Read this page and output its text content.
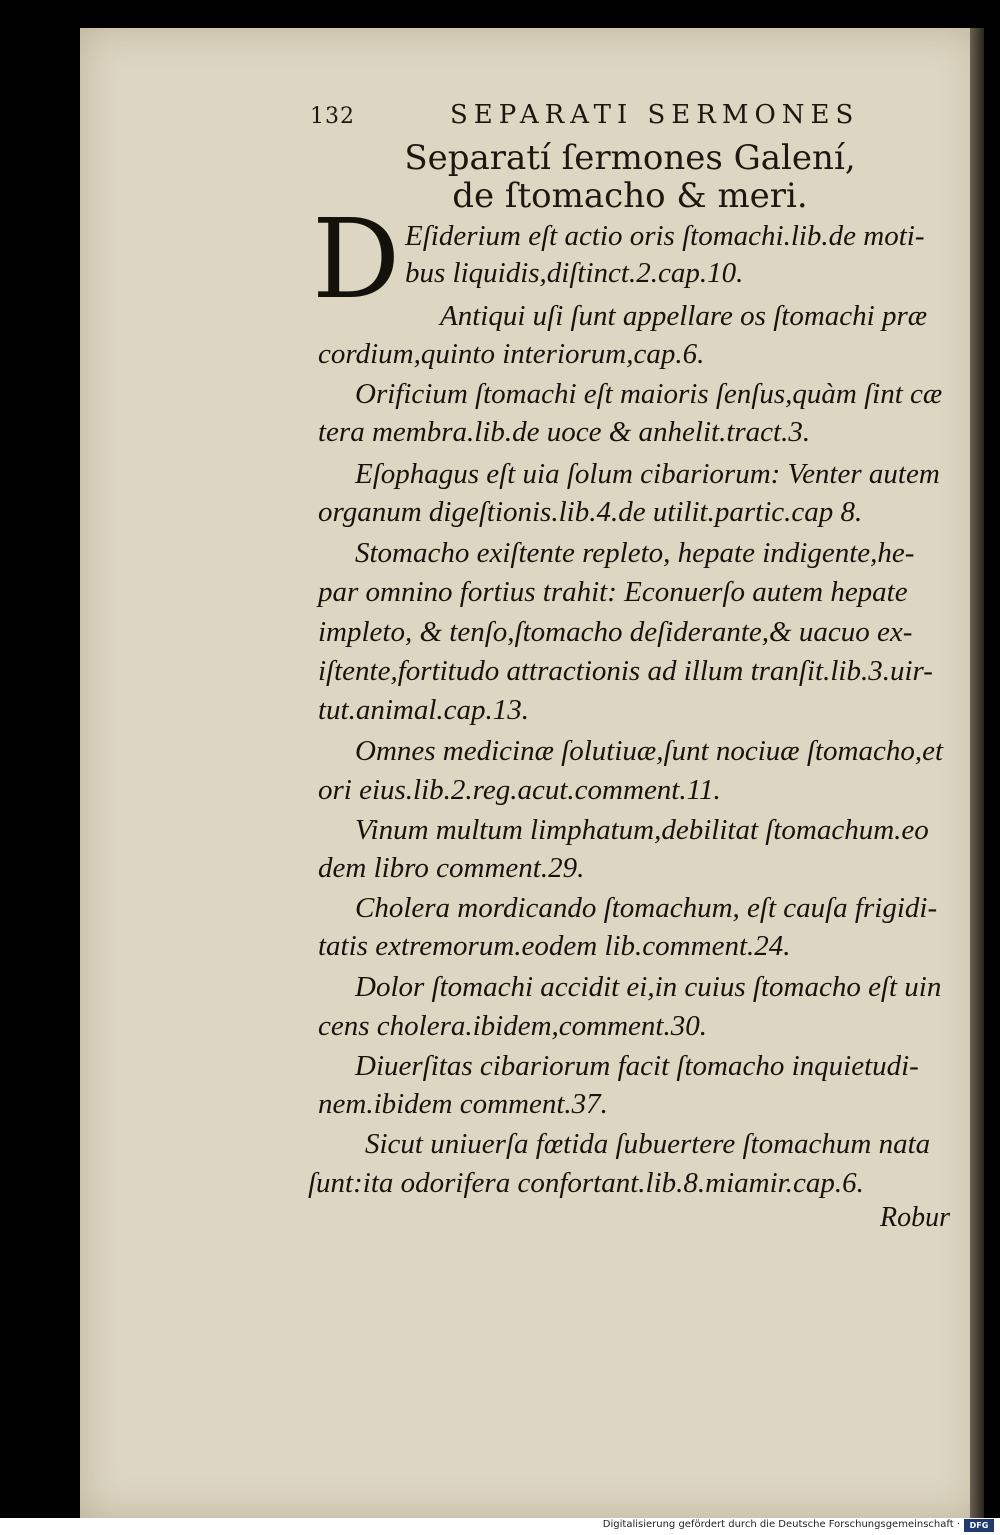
132	SEPARATI SERMONES
Separatí ſermones Galení,
de ſtomacho & meri.
D Eſiderium eſt actio oris ſtomachi.lib.de moti-
bus liquidis,diſtinct.2.cap.10.
Antiqui uſi ſunt appellare os ſtomachi præ
cordium,quinto interiorum,cap.6.
Orificium ſtomachi eſt maioris ſenſus,quàm ſint cæ
tera membra.lib.de uoce & anhelit.tract.3.
Eſophagus eſt uia ſolum cibariorum: Venter autem
organum digeſtionis.lib.4.de utilit.partic.cap 8.
Stomacho exiſtente repleto, hepate indigente,he-
par omnino fortius trahit: Econuerſo autem hepate
impleto, & tenſo,ſtomacho deſiderante,& uacuo ex-
iſtente,fortitudo attractionis ad illum tranſit.lib.3.uir-
tut.animal.cap.13.
Omnes medicinæ ſolutiuæ,ſunt nociuæ ſtomacho,et
ori eius.lib.2.reg.acut.comment.11.
Vinum multum limphatum,debilitat ſtomachum.eo
dem libro comment.29.
Cholera mordicando ſtomachum, eſt cauſa frigidi-
tatis extremorum.eodem lib.comment.24.
Dolor ſtomachi accidit ei,in cuius ſtomacho eſt uin
cens cholera.ibidem,comment.30.
Diuerſitas cibariorum facit ſtomacho inquietudi-
nem.ibidem comment.37.
Sicut uniuerſa fœtida ſubuertere ſtomachum nata
ſunt:ita odorifera confortant.lib.8.miamir.cap.6.
Robur
Digitalisierung gefördert durch die Deutsche Forschungsgemeinschaft ·	DFG
